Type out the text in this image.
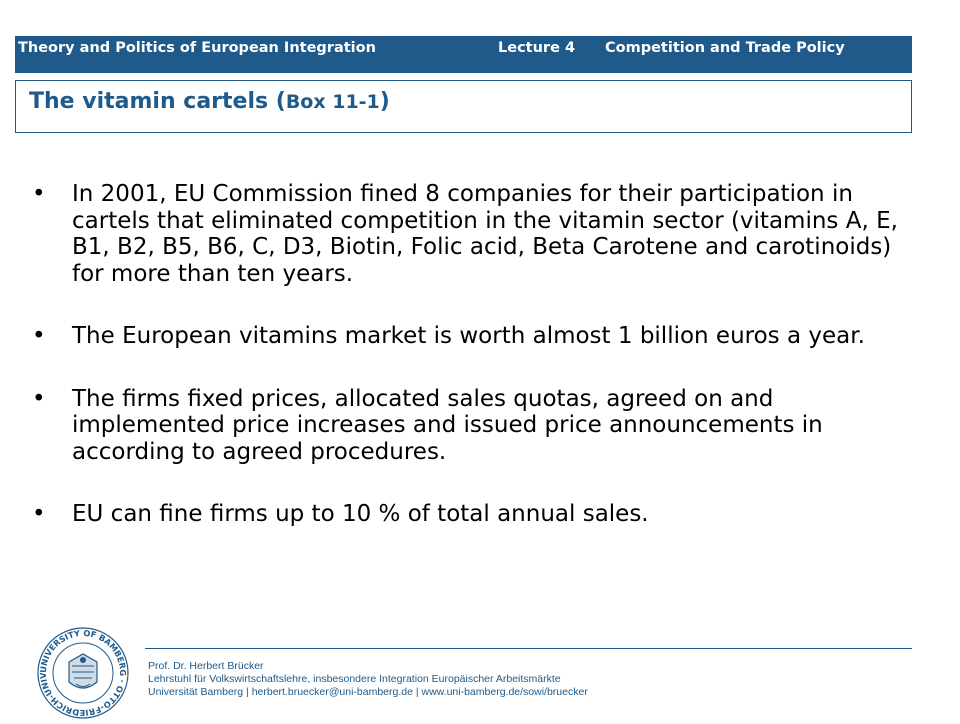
Theory and Politics of European Integration	Lecture 4 Competition and Trade Policy
The vitamin cartels (Box 11-1)
• In 2001, EU Commission fined 8 companies for their participation in cartels that eliminated competition in the vitamin sector (vitamins A, E, B1, B2, B5, B6, C, D3, Biotin, Folic acid, Beta Carotene and carotinoids) for more than ten years.
• The European vitamins market is worth almost 1 billion euros a year.
• The firms fixed prices, allocated sales quotas, agreed on and implemented price increases and issued price announcements in according to agreed procedures.
• EU can fine firms up to 10 % of total annual sales.
UNIVERSITY OF BAMBERG · OTTO-FRIEDRICH-UNIV
Prof. Dr. Herbert Brücker
Lehrstuhl für Volkswirtschaftslehre, insbesondere Integration Europäischer Arbeitsmärkte
Universität Bamberg | herbert.bruecker@uni-bamberg.de | www.uni-bamberg.de/sowi/bruecker
